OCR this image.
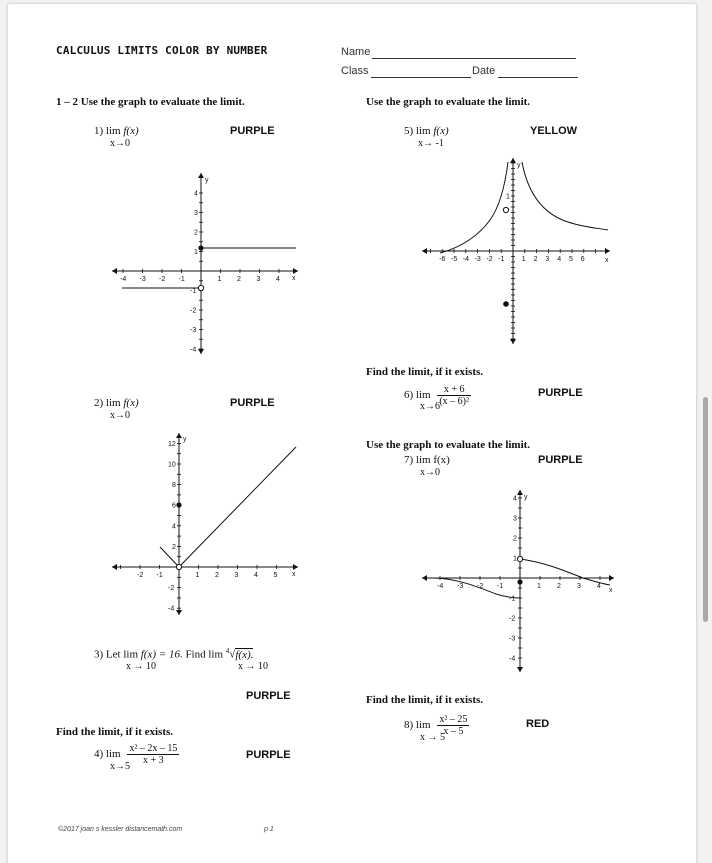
CALCULUS LIMITS COLOR BY NUMBER	Name
Class	Date
1 – 2 Use the graph to evaluate the limit.
1) lim f(x)
x→0
PURPLE
-4 -3 -2 -1	1 2 3 4
4
3
2
1
-1
-2
-3
-4
x
y
2) lim f(x)
x→0
PURPLE
-2 -1	1 2 3 4 5
12
10
8
6
4
2
-2
-4
x
y
3) Let lim f(x) = 16. Find lim $^4$√f(x).
x → 10	x → 10
PURPLE
Find the limit, if it exists.
4) $\lim \frac{\text{x² – 2x – 15}}{x + 3}$
x→5
PURPLE
Use the graph to evaluate the limit.
5) lim f(x)
x→ -1
YELLOW
-6 -5 -4 -3 -2 -1 1 2 3 4 5 6
1
x
y
Find the limit, if it exists.
6) $\lim \frac{x + 6}{\text{(x – 6)²}}$
x→6
PURPLE
Use the graph to evaluate the limit.
7) lim f(x)
x→0
PURPLE
-4 -3 -2 -1	1 2 3 4
4
3
2
1
-1
-2
-3
-4
x
y
Find the limit, if it exists.
8) $\lim \frac{\text{x² – 25}}{x - 5}$
x → 5
RED
©2017 joan s kessler distancemath.com	p 1
